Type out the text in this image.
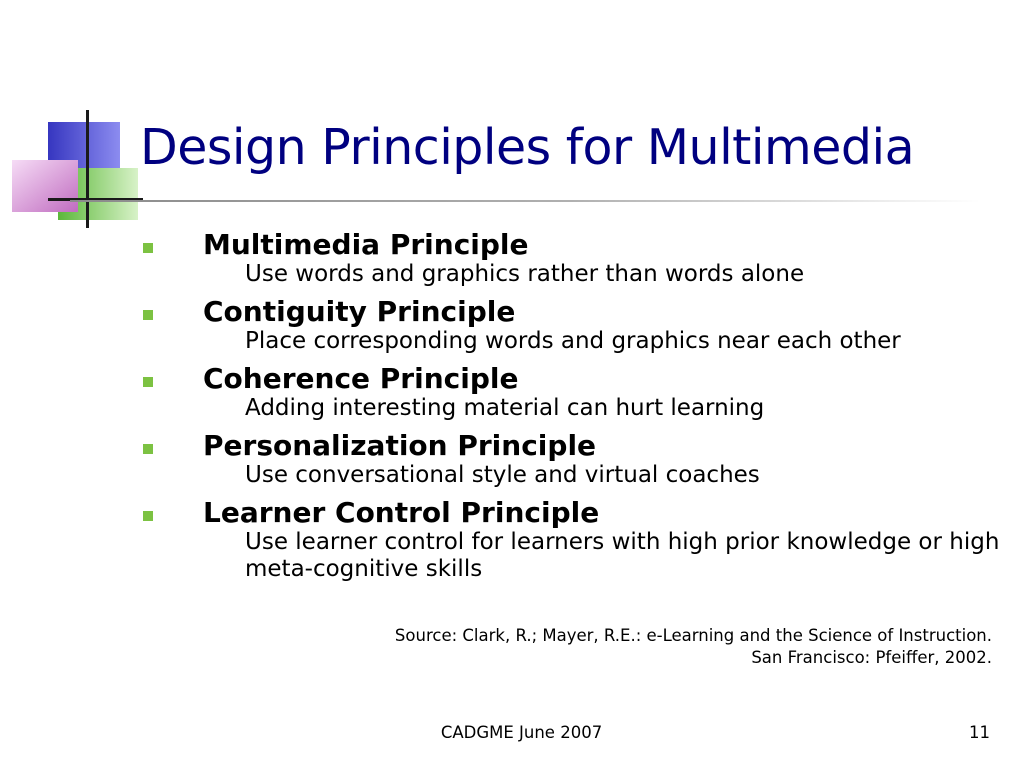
Design Principles for Multimedia
Multimedia Principle
Use words and graphics rather than words alone
Contiguity Principle
Place corresponding words and graphics near each other
Coherence Principle
Adding interesting material can hurt learning
Personalization Principle
Use conversational style and virtual coaches
Learner Control Principle
Use learner control for learners with high prior knowledge or high meta-cognitive skills
Source: Clark, R.; Mayer, R.E.: e-Learning and the Science of Instruction.
San Francisco: Pfeiffer, 2002.
CADGME June 2007	11
